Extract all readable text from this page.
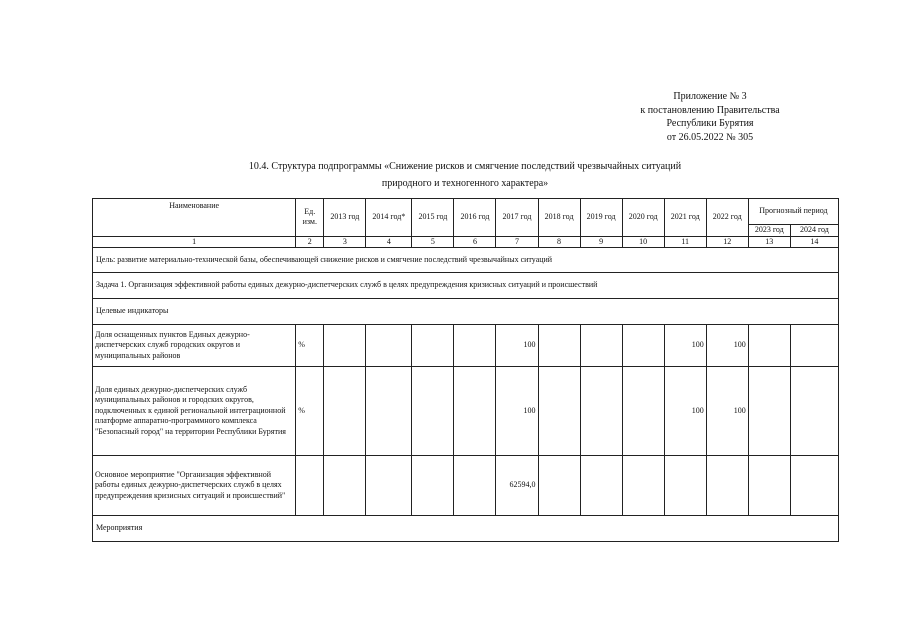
Приложение № 3
к постановлению Правительства
Республики Бурятия
от 26.05.2022 № 305
10.4. Структура подпрограммы «Снижение рисков и смягчение последствий чрезвычайных ситуаций
природного и техногенного характера»
Наименование	Ед. изм.	2013 год	2014 год*	2015 год	2016 год	2017 год	2018 год	2019 год	2020 год	2021 год	2022 год	Прогнозный период	
												2023 год	2024 год
1	2	3	4	5	6	7	8	9	10	11	12	13	14
Цель: развитие материально-технической базы, обеспечивающей снижение рисков и смягчение последствий чрезвычайных ситуаций													
Задача 1. Организация эффективной работы единых дежурно-диспетчерских служб в целях предупреждения кризисных ситуаций и происшествий													
Целевые индикаторы													
Доля оснащенных пунктов Единых дежурно-диспетчерских служб городских округов и муниципальных районов	%					100				100	100		
Доля единых дежурно-диспетчерских служб муниципальных районов и городских округов, подключенных к единой региональной интеграционной платформе аппаратно-программного комплекса "Безопасный город" на территории Республики Бурятия	%					100				100	100		
Основное мероприятие "Организация эффективной работы единых дежурно-диспетчерских служб в целях предупреждения кризисных ситуаций и происшествий"						62594,0							
Мероприятия													
